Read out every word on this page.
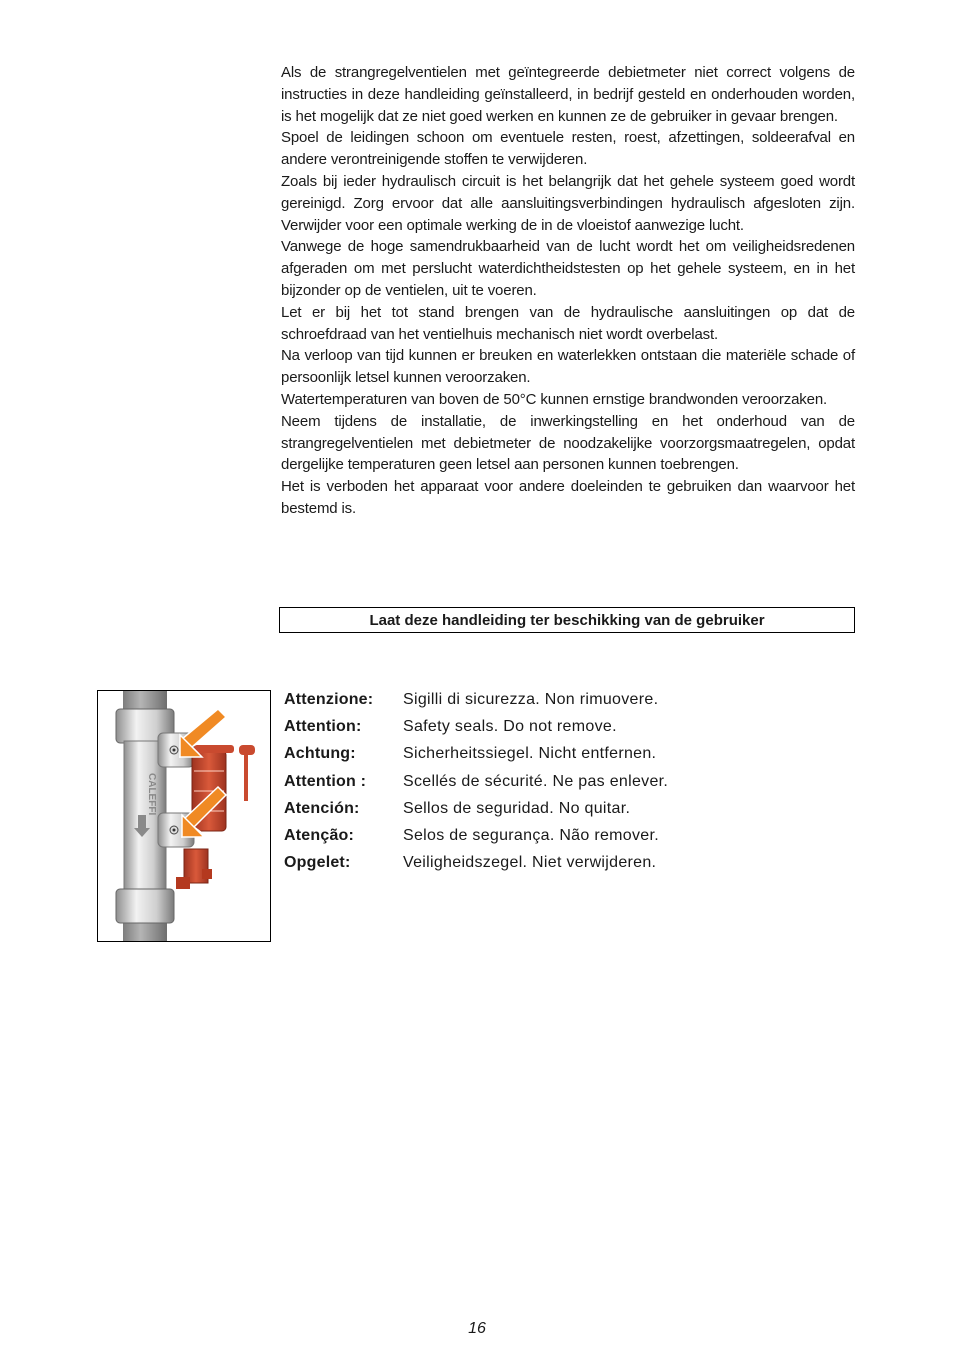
Als de strangregelventielen met geïntegreerde debietmeter niet correct volgens de instructies in deze handleiding geïnstalleerd, in bedrijf gesteld en onderhouden worden, is het mogelijk dat ze niet goed werken en kunnen ze de gebruiker in gevaar brengen.

Spoel de leidingen schoon om eventuele resten, roest, afzettingen, soldeerafval en andere verontreinigende stoffen te verwijderen.

Zoals bij ieder hydraulisch circuit is het belangrijk dat het gehele systeem goed wordt gereinigd. Zorg ervoor dat alle aansluitingsverbindingen hydraulisch afgesloten zijn. Verwijder voor een optimale werking de in de vloeistof aanwezige lucht.

Vanwege de hoge samendrukbaarheid van de lucht wordt het om veiligheidsredenen afgeraden om met perslucht waterdichtheidstesten op het gehele systeem, en in het bijzonder op de ventielen, uit te voeren.

Let er bij het tot stand brengen van de hydraulische aansluitingen op dat de schroefdraad van het ventielhuis mechanisch niet wordt overbelast.

Na verloop van tijd kunnen er breuken en waterlekken ontstaan die materiële schade of persoonlijk letsel kunnen veroorzaken.

Watertemperaturen van boven de 50°C kunnen ernstige brandwonden veroorzaken.

Neem tijdens de installatie, de inwerkingstelling en het onderhoud van de strangregelventielen met debietmeter de noodzakelijke voorzorgsmaatregelen, opdat dergelijke temperaturen geen letsel aan personen kunnen toebrengen.

Het is verboden het apparaat voor andere doeleinden te gebruiken dan waarvoor het bestemd is.

Laat deze handleiding ter beschikking van de gebruiker
CALEFFI
Attenzione:	Sigilli di sicurezza. Non rimuovere.
Attention:	Safety seals. Do not remove.
Achtung:	Sicherheitssiegel. Nicht entfernen.
Attention :	Scellés de sécurité. Ne pas enlever.
Atención:	Sellos de seguridad. No quitar.
Atenção:	Selos de segurança. Não remover.
Opgelet:	Veiligheidszegel. Niet verwijderen.
16
